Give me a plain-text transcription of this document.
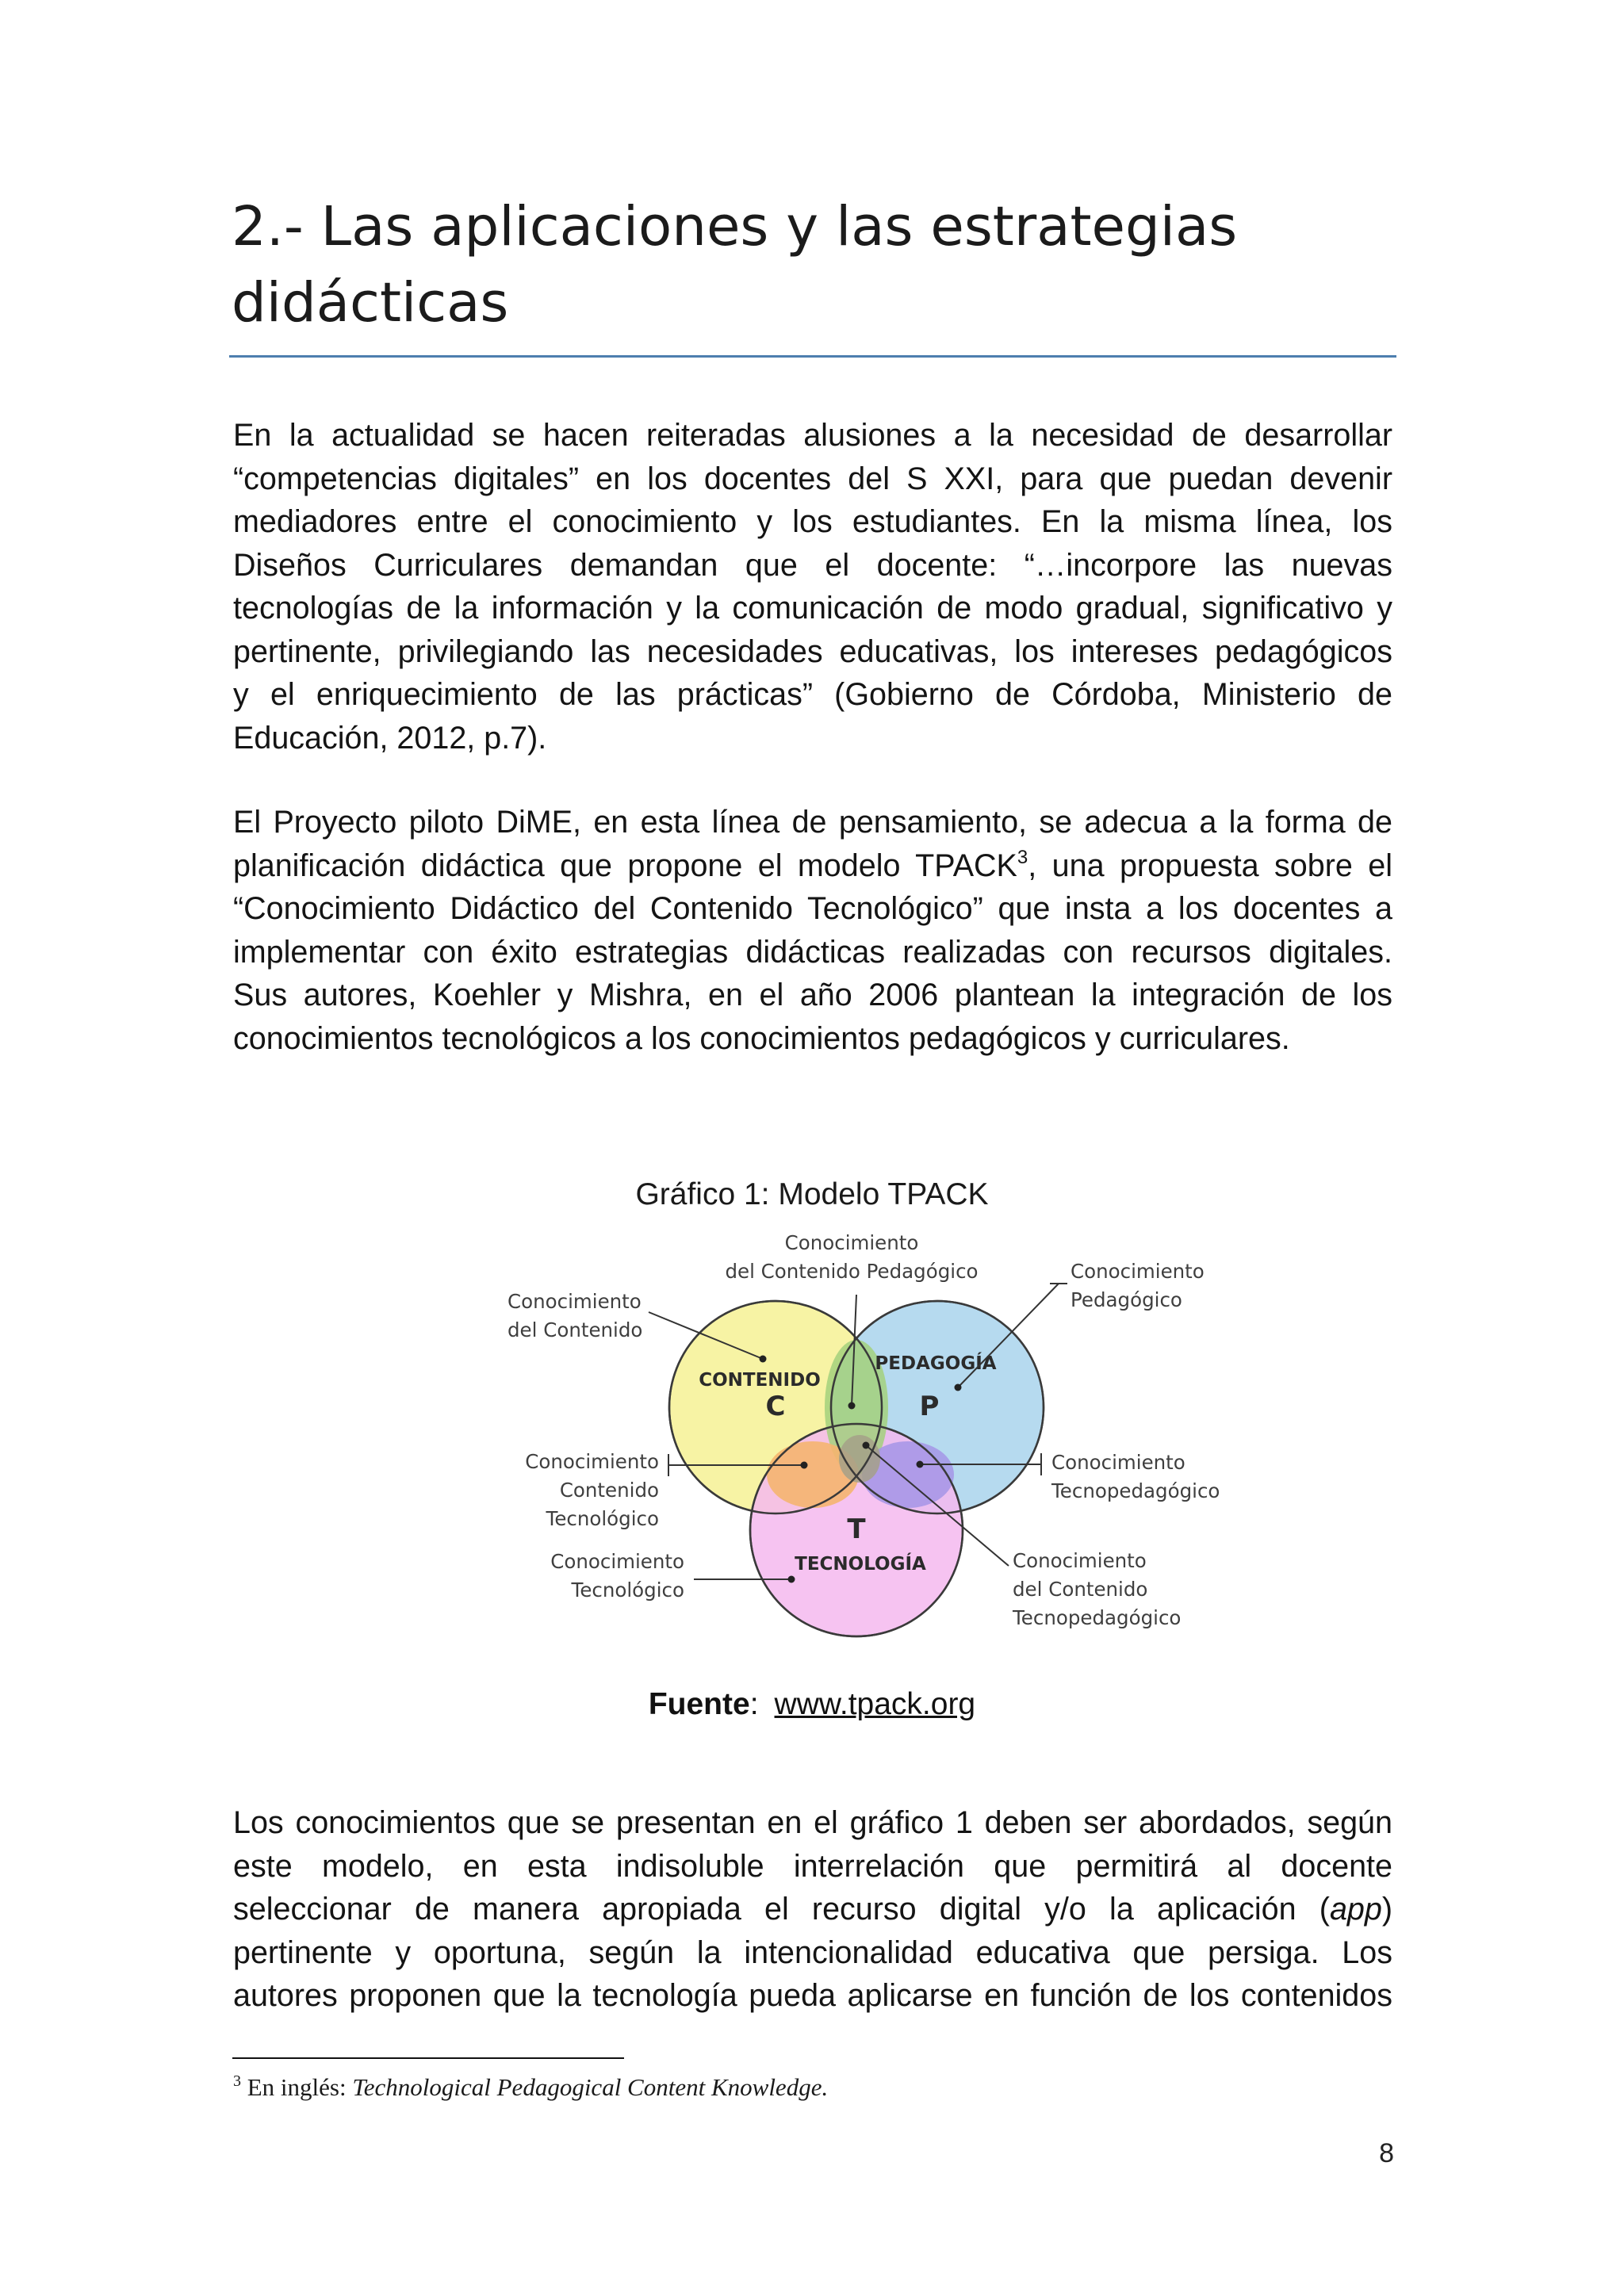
2.- Las aplicaciones y las estrategias
didácticas

En la actualidad se hacen reiteradas alusiones a la necesidad de desarrollar
“competencias digitales” en los docentes del S XXI, para que puedan devenir
mediadores entre el conocimiento y los estudiantes. En la misma línea, los
Diseños Curriculares demandan que el docente: “…incorpore las nuevas
tecnologías de la información y la comunicación de modo gradual, significativo y
pertinente, privilegiando las necesidades educativas, los intereses pedagógicos
y el enriquecimiento de las prácticas” (Gobierno de Córdoba, Ministerio de
Educación, 2012, p.7).

El Proyecto piloto DiME, en esta línea de pensamiento, se adecua a la forma de
planificación didáctica que propone el modelo TPACK$^3$, una propuesta sobre el
“Conocimiento Didáctico del Contenido Tecnológico” que insta a los docentes a
implementar con éxito estrategias didácticas realizadas con recursos digitales.
Sus autores, Koehler y Mishra, en el año 2006 plantean la integración de los
conocimientos tecnológicos a los conocimientos pedagógicos y curriculares.

Gráfico 1: Modelo TPACK

CONTENIDO
C
PEDAGOGÍA
P
T
TECNOLOGÍA
Conocimiento
del Contenido Pedagógico
Conocimiento
del Contenido
Conocimiento
Pedagógico
Conocimiento
Contenido
Tecnológico
Conocimiento
Tecnopedagógico
Conocimiento
Tecnológico
Conocimiento
del Contenido
Tecnopedagógico

Fuente: www.tpack.org

Los conocimientos que se presentan en el gráfico 1 deben ser abordados, según
este modelo, en esta indisoluble interrelación que permitirá al docente
seleccionar de manera apropiada el recurso digital y/o la aplicación (app)
pertinente y oportuna, según la intencionalidad educativa que persiga. Los
autores proponen que la tecnología pueda aplicarse en función de los contenidos

$^3$ En inglés: Technological Pedagogical Content Knowledge.

8
